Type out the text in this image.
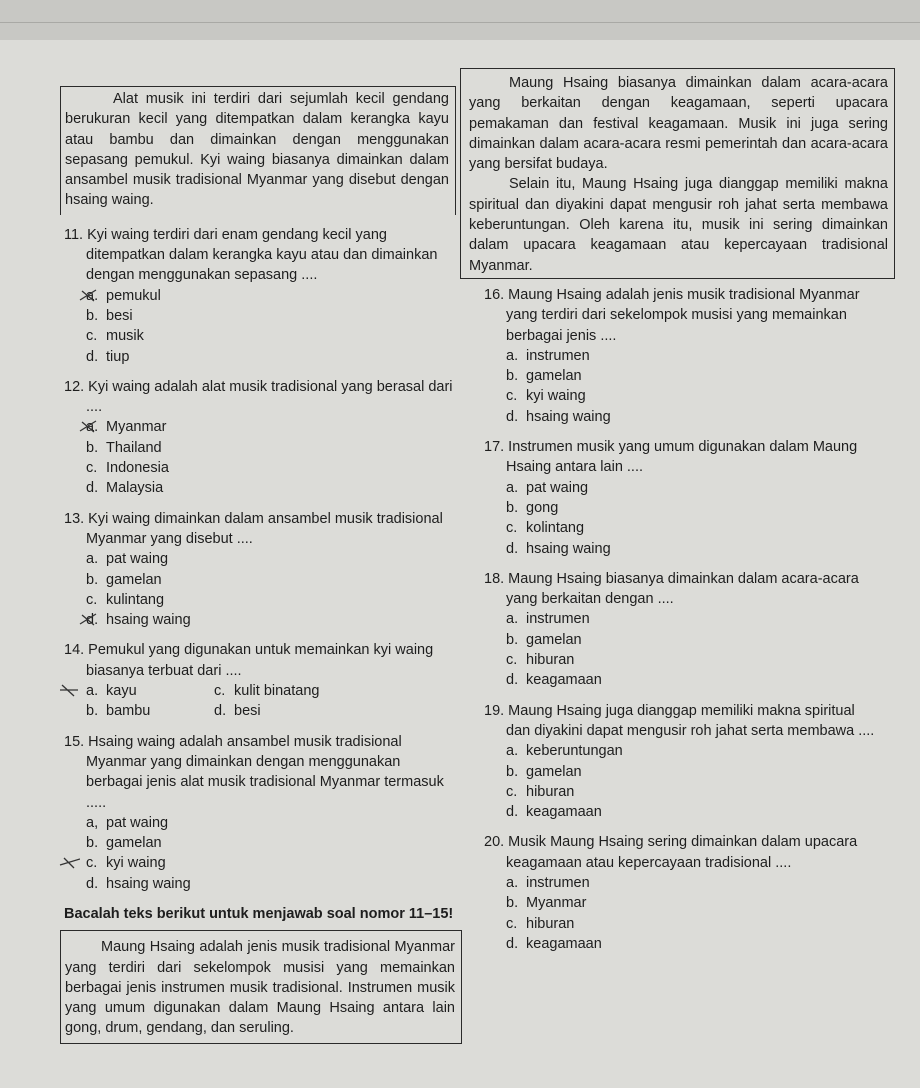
Alat musik ini terdiri dari sejumlah kecil gendang berukuran kecil yang ditempatkan dalam kerangka kayu atau bambu dan dimainkan dengan menggunakan sepasang pemukul. Kyi waing biasanya dimainkan dalam ansambel musik tradisional Myanmar yang disebut dengan hsaing waing.
11. Kyi waing terdiri dari enam gendang kecil yang ditempatkan dalam kerangka kayu atau dan dimainkan dengan menggunakan sepasang ....
a. pemukul
b. besi
c. musik
d. tiup
12. Kyi waing adalah alat musik tradisional yang berasal dari ....
a. Myanmar
b. Thailand
c. Indonesia
d. Malaysia
13. Kyi waing dimainkan dalam ansambel musik tradisional Myanmar yang disebut ....
a. pat waing
b. gamelan
c. kulintang
d. hsaing waing
14. Pemukul yang digunakan untuk memainkan kyi waing biasanya terbuat dari ....
a. kayu	c. kulit binatang
b. bambu	d. besi
15. Hsaing waing adalah ansambel musik tradisional Myanmar yang dimainkan dengan menggunakan berbagai jenis alat musik tradisional Myanmar termasuk .....
a, pat waing
b. gamelan
c. kyi waing
d. hsaing waing
Bacalah teks berikut untuk menjawab soal nomor 11–15!
Maung Hsaing adalah jenis musik tradisional Myanmar yang terdiri dari sekelompok musisi yang memainkan berbagai jenis instrumen musik tradisional. Instrumen musik yang umum digunakan dalam Maung Hsaing antara lain gong, drum, gendang, dan seruling.
Maung Hsaing biasanya dimainkan dalam acara-acara yang berkaitan dengan keagamaan, seperti upacara pemakaman dan festival keagamaan. Musik ini juga sering dimainkan dalam acara-acara resmi pemerintah dan acara-acara yang bersifat budaya.
Selain itu, Maung Hsaing juga dianggap memiliki makna spiritual dan diyakini dapat mengusir roh jahat serta membawa keberuntungan. Oleh karena itu, musik ini sering dimainkan dalam upacara keagamaan atau kepercayaan tradisional Myanmar.
16. Maung Hsaing adalah jenis musik tradisional Myanmar yang terdiri dari sekelompok musisi yang memainkan berbagai jenis ....
a. instrumen
b. gamelan
c. kyi waing
d. hsaing waing
17. Instrumen musik yang umum digunakan dalam Maung Hsaing antara lain ....
a. pat waing
b. gong
c. kolintang
d. hsaing waing
18. Maung Hsaing biasanya dimainkan dalam acara-acara yang berkaitan dengan ....
a. instrumen
b. gamelan
c. hiburan
d. keagamaan
19. Maung Hsaing juga dianggap memiliki makna spiritual dan diyakini dapat mengusir roh jahat serta membawa ....
a. keberuntungan
b. gamelan
c. hiburan
d. keagamaan
20. Musik Maung Hsaing sering dimainkan dalam upacara keagamaan atau kepercayaan tradisional ....
a. instrumen
b. Myanmar
c. hiburan
d. keagamaan
